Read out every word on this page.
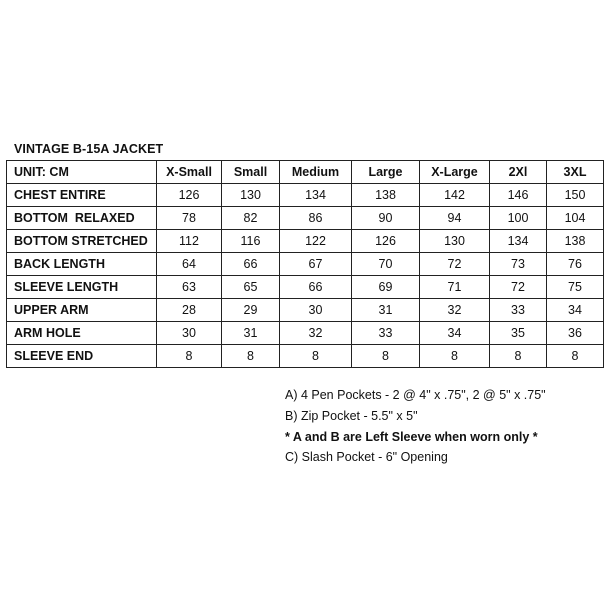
VINTAGE B-15A JACKET
UNIT: CM	X-Small	Small	Medium	Large	X-Large	2Xl	3XL
CHEST ENTIRE	126	130	134	138	142	146	150
BOTTOM  RELAXED	78	82	86	90	94	100	104
BOTTOM STRETCHED	112	116	122	126	130	134	138
BACK LENGTH	64	66	67	70	72	73	76
SLEEVE LENGTH	63	65	66	69	71	72	75
UPPER ARM	28	29	30	31	32	33	34
ARM HOLE	30	31	32	33	34	35	36
SLEEVE END	8	8	8	8	8	8	8
A) 4 Pen Pockets - 2 @ 4" x .75", 2 @ 5" x .75"
B) Zip Pocket - 5.5" x 5"
* A and B are Left Sleeve when worn only *
C) Slash Pocket - 6" Opening
